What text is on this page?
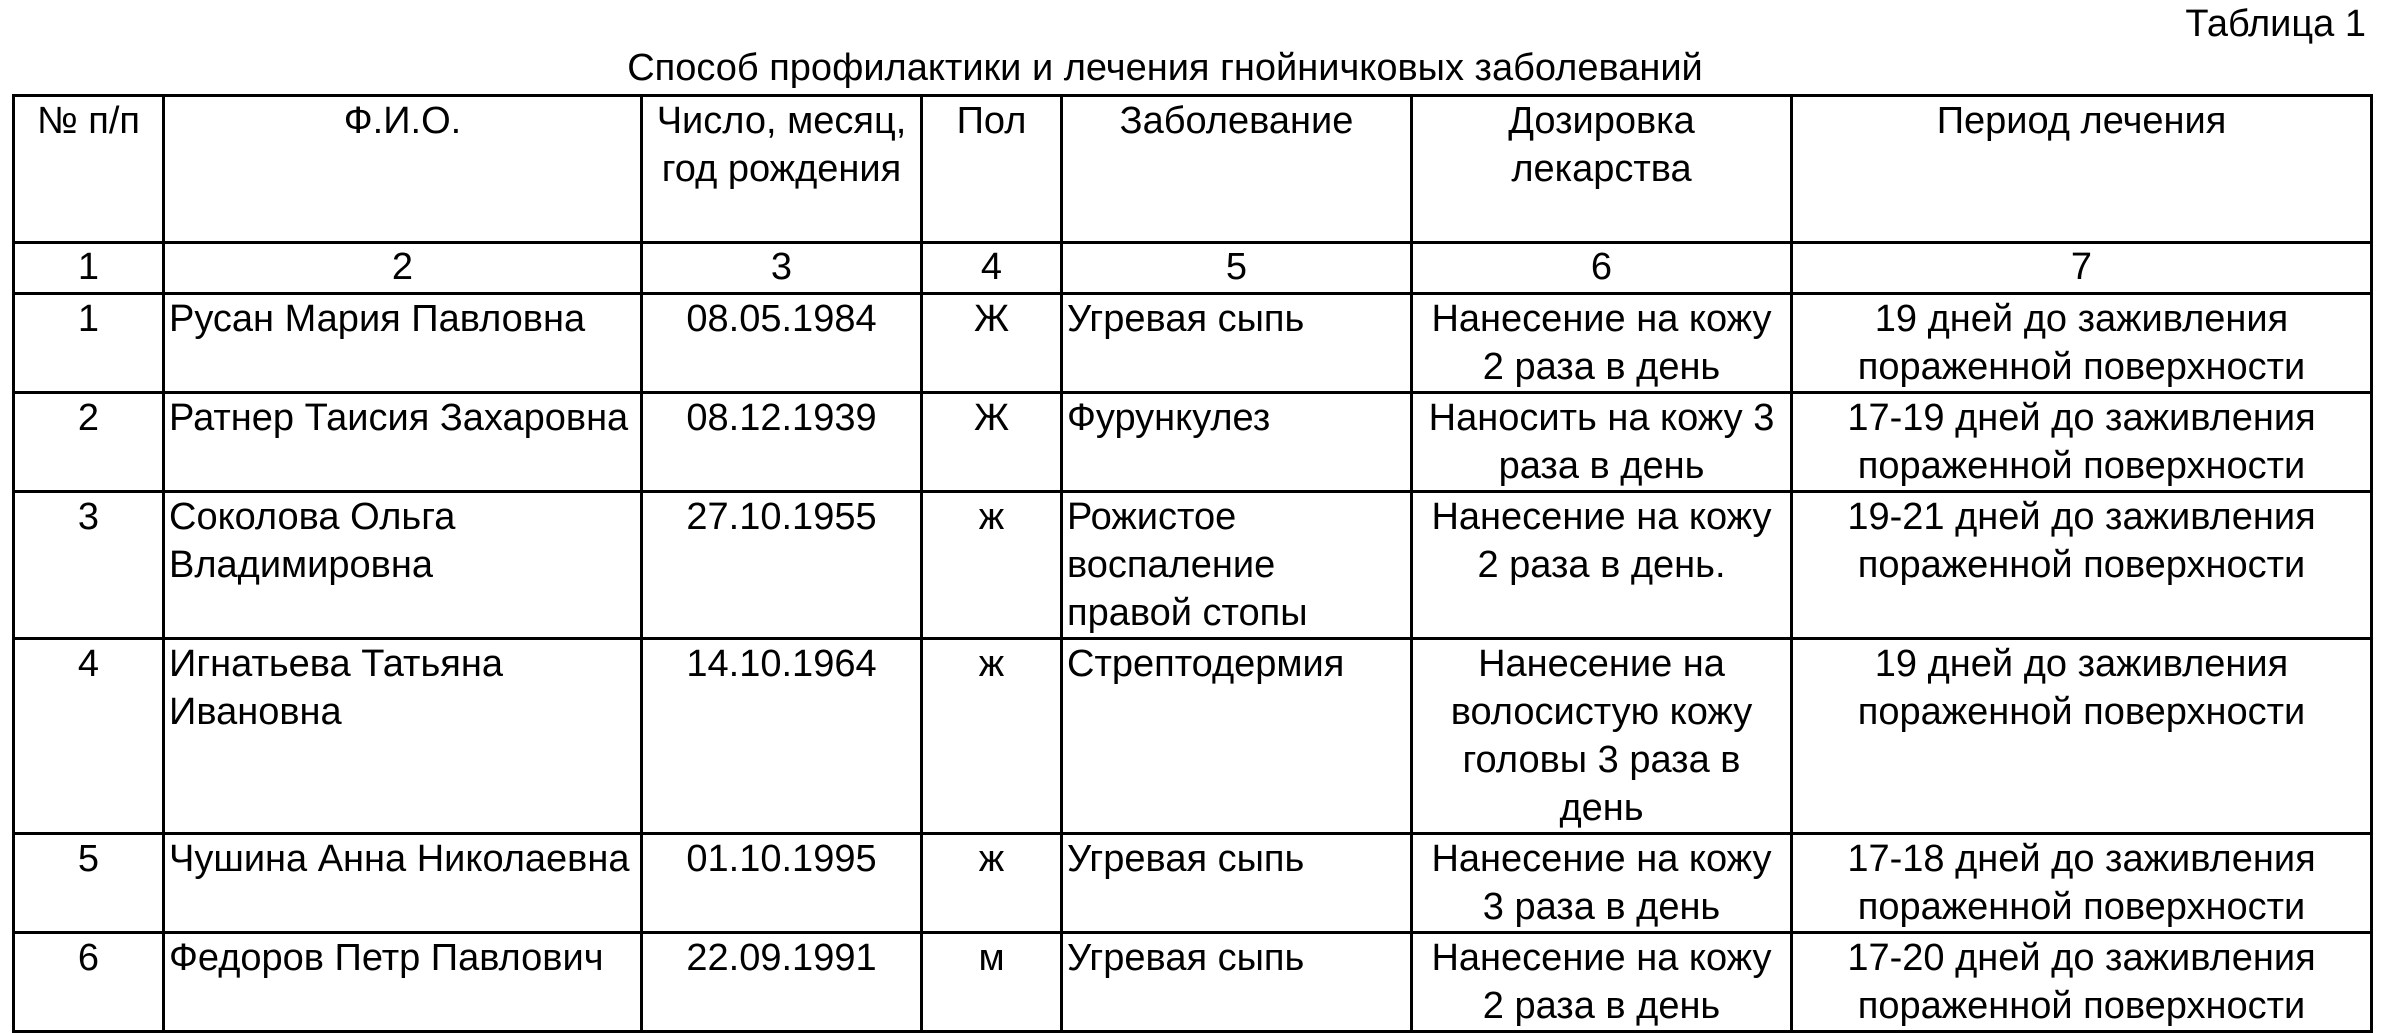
Таблица 1
Способ профилактики и лечения гнойничковых заболеваний
№ п/п	Ф.И.О.	Число, месяц, год рождения	Пол	Заболевание	Дозировка лекарства	Период лечения
1	2	3	4	5	6	7
1	Русан Мария Павловна	08.05.1984	Ж	Угревая сыпь	Нанесение на кожу 2 раза в день	19 дней до заживления пораженной поверхности
2	Ратнер Таисия Захаровна	08.12.1939	Ж	Фурункулез	Наносить на кожу 3 раза в день	17-19 дней до заживления пораженной поверхности
3	Соколова Ольга Владимировна	27.10.1955	ж	Рожистое воспаление правой стопы	Нанесение на кожу 2 раза в день.	19-21 дней до заживления пораженной поверхности
4	Игнатьева Татьяна Ивановна	14.10.1964	ж	Стрептодермия	Нанесение на волосистую кожу головы 3 раза в день	19 дней до заживления пораженной поверхности
5	Чушина Анна Николаевна	01.10.1995	ж	Угревая сыпь	Нанесение на кожу 3 раза в день	17-18 дней до заживления пораженной поверхности
6	Федоров Петр Павлович	22.09.1991	м	Угревая сыпь	Нанесение на кожу 2 раза в день	17-20 дней до заживления пораженной поверхности
